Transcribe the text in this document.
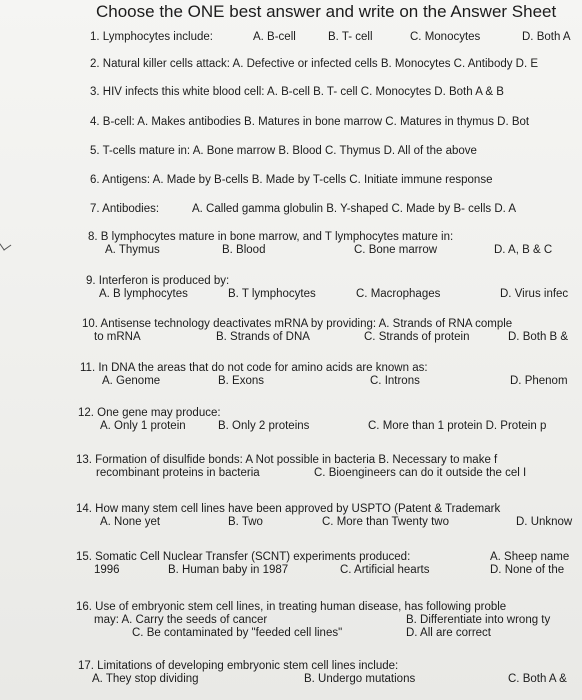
Choose the ONE best answer and write on the Answer Sheet
1. Lymphocytes include:	A. B-cell	B. T- cell	C. Monocytes	D. Both A
2. Natural killer cells attack: A. Defective or infected cells B. Monocytes C. Antibody D. E
3. HIV infects this white blood cell: A. B-cell B. T- cell C. Monocytes D. Both A & B
4. B-cell: A. Makes antibodies B. Matures in bone marrow C. Matures in thymus D. Bot
5. T-cells mature in: A. Bone marrow B. Blood C. Thymus D. All of the above
6. Antigens: A. Made by B-cells B. Made by T-cells C. Initiate immune response
7. Antibodies:	A. Called gamma globulin B. Y-shaped C. Made by B- cells D. A
8. B lymphocytes mature in bone marrow, and T lymphocytes mature in:
A. Thymus	B. Blood	C. Bone marrow	D. A, B & C
9. Interferon is produced by:
A. B lymphocytes	B. T lymphocytes	C. Macrophages	D. Virus infec
10. Antisense technology deactivates mRNA by providing: A. Strands of RNA comple
to mRNA	B. Strands of DNA	C. Strands of protein	D. Both B &
11. In DNA the areas that do not code for amino acids are known as:
A. Genome	B. Exons	C. Introns	D. Phenom
12. One gene may produce:
A. Only 1 protein	B. Only 2 proteins	C. More than 1 protein D. Protein p
13. Formation of disulfide bonds: A Not possible in bacteria B. Necessary to make f
recombinant proteins in bacteria	C. Bioengineers can do it outside the cel I
14. How many stem cell lines have been approved by USPTO (Patent & Trademark
A. None yet	B. Two	C. More than Twenty two	D. Unknow
15. Somatic Cell Nuclear Transfer (SCNT) experiments produced:	A. Sheep name
1996	B. Human baby in 1987	C. Artificial hearts	D. None of the
16. Use of embryonic stem cell lines, in treating human disease, has following proble
may: A. Carry the seeds of cancer	B. Differentiate into wrong ty
C. Be contaminated by "feeded cell lines"	D. All are correct
17. Limitations of developing embryonic stem cell lines include:
A. They stop dividing	B. Undergo mutations	C. Both A &
